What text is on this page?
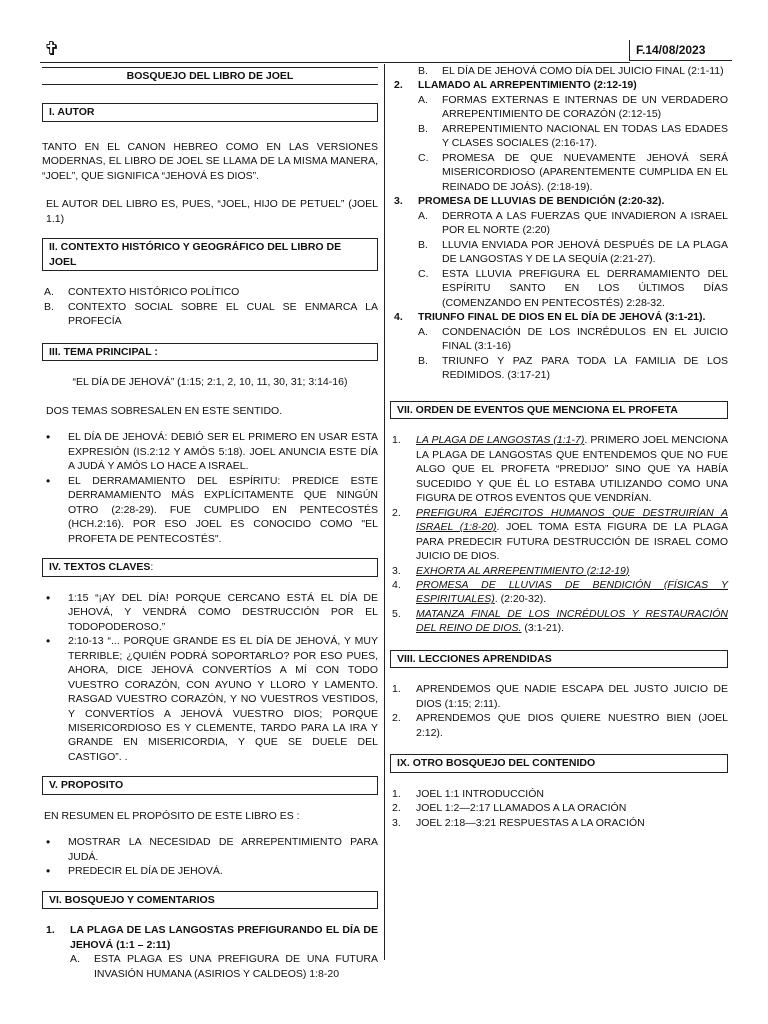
✞	F.14/08/2023
BOSQUEJO DEL LIBRO DE JOEL
I. AUTOR

TANTO EN EL CANON HEBREO COMO EN LAS VERSIONES MODERNAS, EL LIBRO DE JOEL SE LLAMA DE LA MISMA MANERA, “JOEL”, QUE SIGNIFICA “JEHOVÁ ES DIOS”.

EL AUTOR DEL LIBRO ES, PUES, “JOEL, HIJO DE PETUEL” (JOEL 1.1)

II. CONTEXTO HISTÓRICO Y GEOGRÁFICO DEL LIBRO DE JOEL
A. CONTEXTO HISTÓRICO POLÍTICO
B. CONTEXTO SOCIAL SOBRE EL CUAL SE ENMARCA LA PROFECÍA
III. TEMA PRINCIPAL :

“EL DÍA DE JEHOVÁ” (1:15; 2:1, 2, 10, 11, 30, 31; 3:14-16)

DOS TEMAS SOBRESALEN EN ESTE SENTIDO.

• EL DÍA DE JEHOVÁ: DEBIÓ SER EL PRIMERO EN USAR ESTA EXPRESIÓN (IS.2:12 Y AMÓS 5:18). JOEL ANUNCIA ESTE DÍA A JUDÁ Y AMÓS LO HACE A ISRAEL.
• EL DERRAMAMIENTO DEL ESPÍRITU: PREDICE ESTE DERRAMAMIENTO MÁS EXPLÍCITAMENTE QUE NINGÚN OTRO (2:28-29). FUE CUMPLIDO EN PENTECOSTÉS (HCH.2:16). POR ESO JOEL ES CONOCIDO COMO "EL PROFETA DE PENTECOSTÉS".
IV. TEXTOS CLAVES:
• 1:15 “¡AY DEL DÍA! PORQUE CERCANO ESTÁ EL DÍA DE JEHOVÁ, Y VENDRÁ COMO DESTRUCCIÓN POR EL TODOPODEROSO.”
• 2:10-13 “... PORQUE GRANDE ES EL DÍA DE JEHOVÁ, Y MUY TERRIBLE; ¿QUIÉN PODRÁ SOPORTARLO? POR ESO PUES, AHORA, DICE JEHOVÁ CONVERTÍOS A MÍ CON TODO VUESTRO CORAZÓN, CON AYUNO Y LLORO Y LAMENTO. RASGAD VUESTRO CORAZÓN, Y NO VUESTROS VESTIDOS, Y CONVERTÍOS A JEHOVÁ VUESTRO DIOS; PORQUE MISERICORDIOSO ES Y CLEMENTE, TARDO PARA LA IRA Y GRANDE EN MISERICORDIA, Y QUE SE DUELE DEL CASTIGO”. .
V. PROPOSITO

EN RESUMEN EL PROPÓSITO DE ESTE LIBRO ES :

• MOSTRAR LA NECESIDAD DE ARREPENTIMIENTO PARA JUDÁ.
• PREDECIR EL DÍA DE JEHOVÁ.
VI. BOSQUEJO Y COMENTARIOS
1. LA PLAGA DE LAS LANGOSTAS PREFIGURANDO EL DÍA DE JEHOVÁ (1:1 – 2:11)
A. ESTA PLAGA ES UNA PREFIGURA DE UNA FUTURA INVASIÓN HUMANA (ASIRIOS Y CALDEOS) 1:8-20
B. EL DÍA DE JEHOVÁ COMO DÍA DEL JUICIO FINAL (2:1-11)
2. LLAMADO AL ARREPENTIMIENTO (2:12-19)
A. FORMAS EXTERNAS E INTERNAS DE UN VERDADERO ARREPENTIMIENTO DE CORAZÓN (2:12-15)
B. ARREPENTIMIENTO NACIONAL EN TODAS LAS EDADES Y CLASES SOCIALES (2:16-17).
C. PROMESA DE QUE NUEVAMENTE JEHOVÁ SERÁ MISERICORDIOSO (APARENTEMENTE CUMPLIDA EN EL REINADO DE JOÁS). (2:18-19).
3. PROMESA DE LLUVIAS DE BENDICIÓN (2:20-32).
A. DERROTA A LAS FUERZAS QUE INVADIERON A ISRAEL POR EL NORTE (2:20)
B. LLUVIA ENVIADA POR JEHOVÁ DESPUÉS DE LA PLAGA DE LANGOSTAS Y DE LA SEQUÍA (2:21-27).
C. ESTA LLUVIA PREFIGURA EL DERRAMAMIENTO DEL ESPÍRITU SANTO EN LOS ÚLTIMOS DÍAS (COMENZANDO EN PENTECOSTÉS) 2:28-32.
4. TRIUNFO FINAL DE DIOS EN EL DÍA DE JEHOVÁ (3:1-21).
A. CONDENACIÓN DE LOS INCRÉDULOS EN EL JUICIO FINAL (3:1-16)
B. TRIUNFO Y PAZ PARA TODA LA FAMILIA DE LOS REDIMIDOS. (3:17-21)
VII. ORDEN DE EVENTOS QUE MENCIONA EL PROFETA
1. LA PLAGA DE LANGOSTAS (1:1-7). PRIMERO JOEL MENCIONA LA PLAGA DE LANGOSTAS QUE ENTENDEMOS QUE NO FUE ALGO QUE EL PROFETA “PREDIJO” SINO QUE YA HABÍA SUCEDIDO Y QUE ÉL LO ESTABA UTILIZANDO COMO UNA FIGURA DE OTROS EVENTOS QUE VENDRÍAN.
2. PREFIGURA EJÉRCITOS HUMANOS QUE DESTRUIRÍAN A ISRAEL (1:8-20). JOEL TOMA ESTA FIGURA DE LA PLAGA PARA PREDECIR FUTURA DESTRUCCIÓN DE ISRAEL COMO JUICIO DE DIOS.
3. EXHORTA AL ARREPENTIMIENTO (2:12-19)
4. PROMESA DE LLUVIAS DE BENDICIÓN (FÍSICAS Y ESPIRITUALES). (2:20-32).
5. MATANZA FINAL DE LOS INCRÉDULOS Y RESTAURACIÓN DEL REINO DE DIOS. (3:1-21).
VIII. LECCIONES APRENDIDAS
1. APRENDEMOS QUE NADIE ESCAPA DEL JUSTO JUICIO DE DIOS (1:15; 2:11).
2. APRENDEMOS QUE DIOS QUIERE NUESTRO BIEN (JOEL 2:12).
IX. OTRO BOSQUEJO DEL CONTENIDO
1. JOEL 1:1 INTRODUCCIÓN
2. JOEL 1:2—2:17 LLAMADOS A LA ORACIÓN
3. JOEL 2:18—3:21 RESPUESTAS A LA ORACIÓN
